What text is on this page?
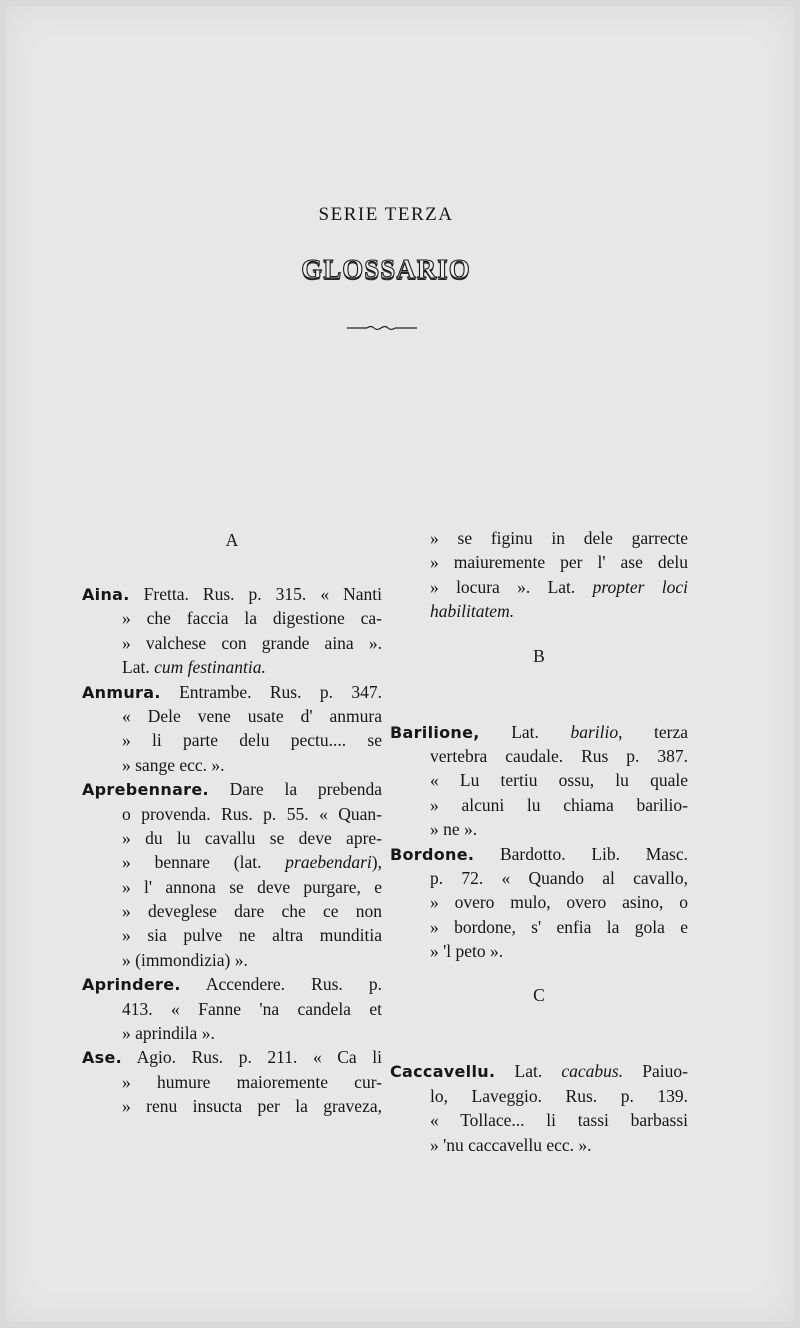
SERIE TERZA
GLOSSARIO
A
Aina. Fretta. Rus. p. 315. « Nanti
» che faccia la digestione ca-
» valchese con grande aina ».
Lat. cum festinantia.
Anmura. Entrambe. Rus. p. 347.
« Dele vene usate d' anmura
» li parte delu pectu.... se
» sange ecc. ».
Aprebennare. Dare la prebenda
o provenda. Rus. p. 55. « Quan-
» du lu cavallu se deve apre-
» bennare (lat. praebendari),
» l' annona se deve purgare, e
» deveglese dare che ce non
» sia pulve ne altra munditia
» (immondizia) ».
Aprindere. Accendere. Rus. p.
413. « Fanne 'na candela et
» aprindila ».
Ase. Agio. Rus. p. 211. « Ca li
» humure maioremente cur-
» renu insucta per la graveza,
» se figinu in dele garrecte
» maiuremente per l' ase delu
» locura ». Lat. propter loci
habilitatem.
B
Barilione, Lat. barilio, terza
vertebra caudale. Rus p. 387.
« Lu tertiu ossu, lu quale
» alcuni lu chiama barilio-
» ne ».
Bordone. Bardotto. Lib. Masc.
p. 72. « Quando al cavallo,
» overo mulo, overo asino, o
» bordone, s' enfia la gola e
» 'l peto ».
C
Caccavellu. Lat. cacabus. Paiuo-
lo, Laveggio. Rus. p. 139.
« Tollace... li tassi barbassi
» 'nu caccavellu ecc. ».
